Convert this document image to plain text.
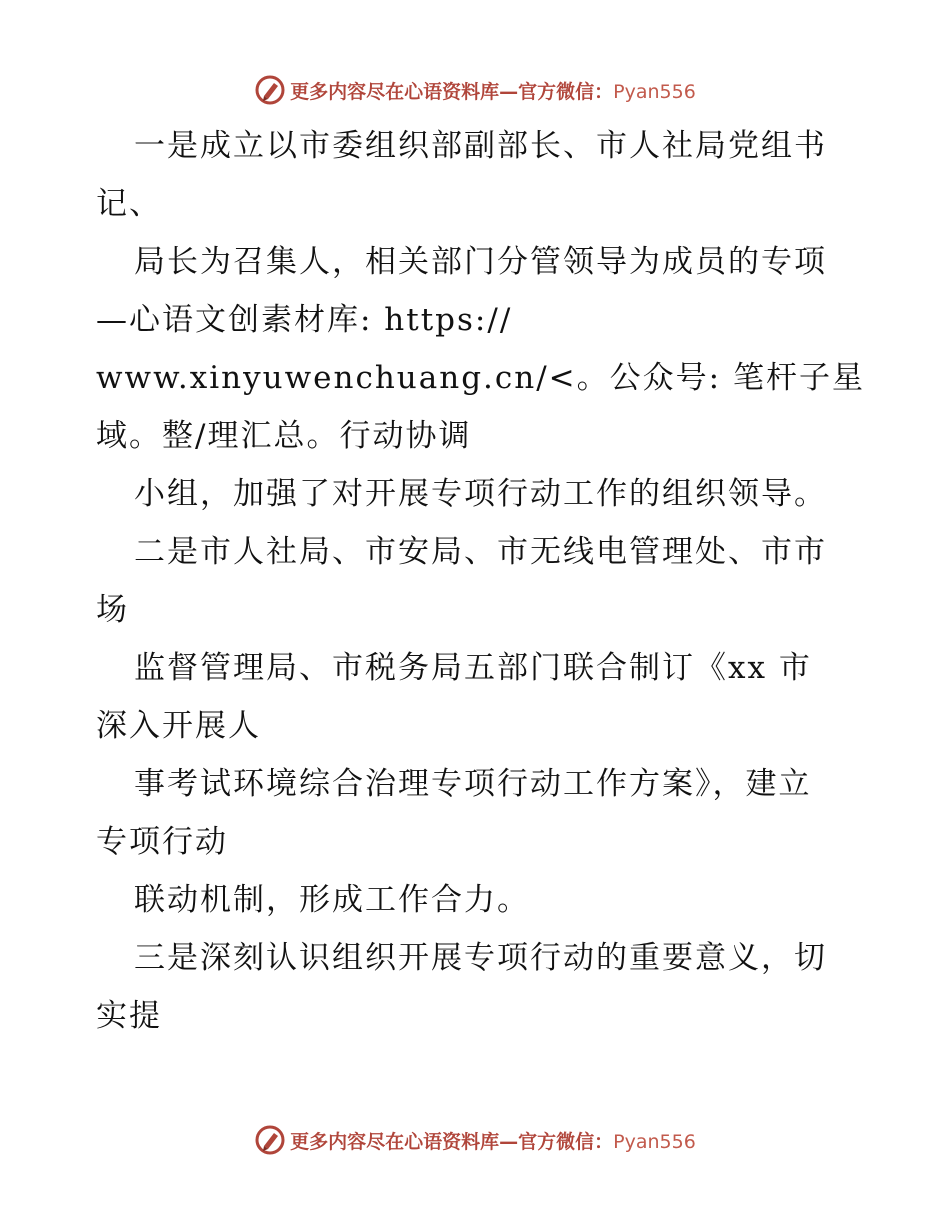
更多内容尽在心语资料库—官方微信：Pyan556
一是成立以市委组织部副部长、市人社局党组书
记、
局长为召集人，相关部门分管领导为成员的专项
—心语文创素材库: https://
www.xinyuwenchuang.cn/<。公众号: 笔杆子星
域。整/理汇总。行动协调
小组，加强了对开展专项行动工作的组织领导。
二是市人社局、市安局、市无线电管理处、市市
场
监督管理局、市税务局五部门联合制订《xx 市
深入开展人
事考试环境综合治理专项行动工作方案》，建立
专项行动
联动机制，形成工作合力。
三是深刻认识组织开展专项行动的重要意义，切
实提
更多内容尽在心语资料库—官方微信：Pyan556
